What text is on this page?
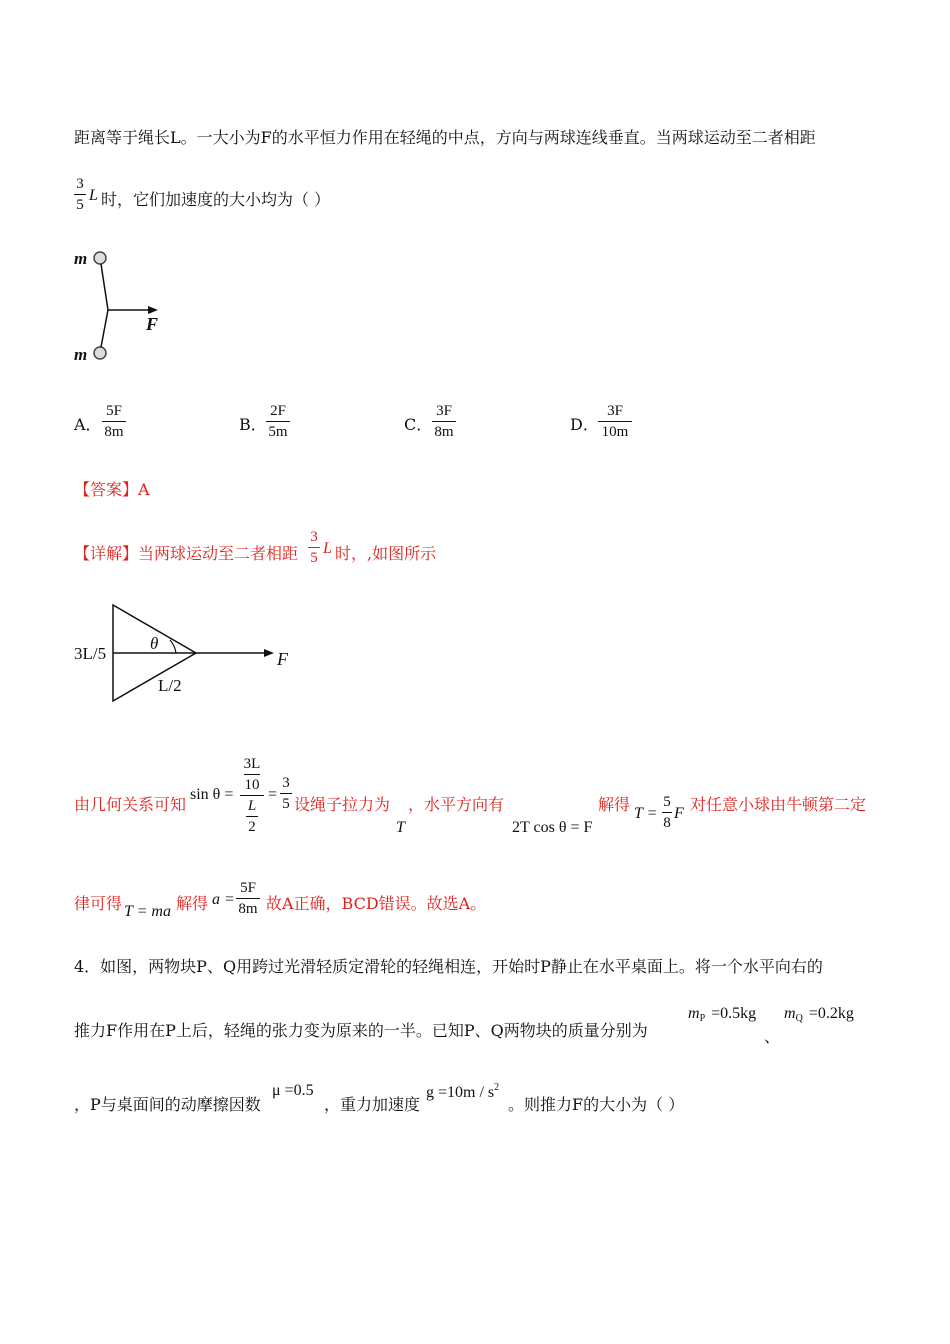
距离等于绳长L。一大小为F的水平恒力作用在轻绳的中点，方向与两球连线垂直。当两球运动至二者相距
3
5
L 时，它们加速度的大小均为（ ）
m
m
F
A．
5F
8m	B．
2F
5m	C．
3F
8m	D．
3F
10m
【答案】A
【详解】当两球运动至二者相距
3
5
L 时，,如图所示
3L/5
θ
L/2
F
由几何关系可知
sin θ =
3L
10
L
2
=
3
5 设绳子拉力为
T
，水平方向有
2T cos θ = F
解得 T =
5
8
F 对任意小球由牛顿第二定
律可得 T = ma 解得 a =
5F
8m 故A正确，BCD错误。故选A。
4．如图，两物块P、Q用跨过光滑轻质定滑轮的轻绳相连，开始时P静止在水平桌面上。将一个水平向右的
推力F作用在P上后，轻绳的张力变为原来的一半。已知P、Q两物块的质量分别为
$m_P =0.5kg$
、
$m_Q =0.2kg$
，P与桌面间的动摩擦因数
μ =0.5
，重力加速度
$g =10m / s^2$
。则推力F的大小为（ ）
